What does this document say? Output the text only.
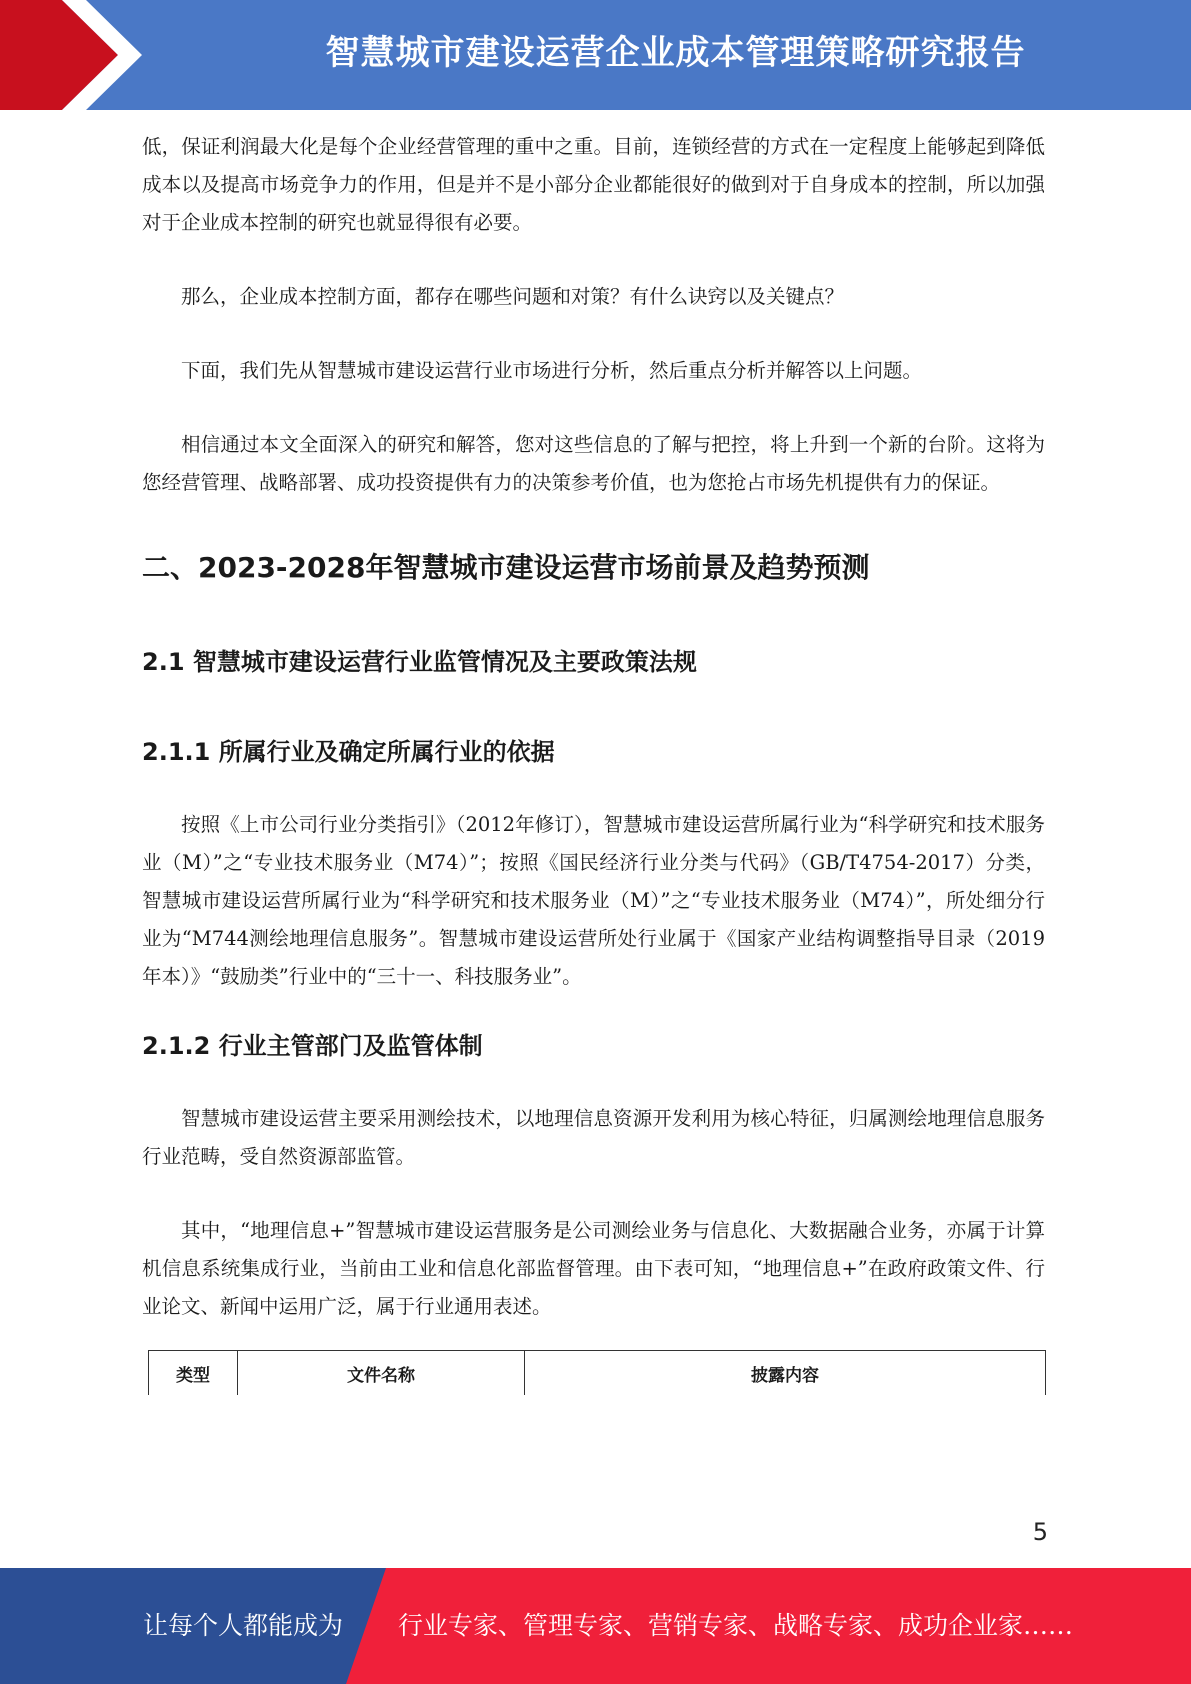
智慧城市建设运营企业成本管理策略研究报告

低，保证利润最大化是每个企业经营管理的重中之重。目前，连锁经营的方式在一定程度上能够起到降低成本以及提高市场竞争力的作用，但是并不是小部分企业都能很好的做到对于自身成本的控制，所以加强对于企业成本控制的研究也就显得很有必要。

那么，企业成本控制方面，都存在哪些问题和对策？有什么诀窍以及关键点？

下面，我们先从智慧城市建设运营行业市场进行分析，然后重点分析并解答以上问题。

相信通过本文全面深入的研究和解答，您对这些信息的了解与把控，将上升到一个新的台阶。这将为您经营管理、战略部署、成功投资提供有力的决策参考价值，也为您抢占市场先机提供有力的保证。

二、2023-2028年智慧城市建设运营市场前景及趋势预测
2.1 智慧城市建设运营行业监管情况及主要政策法规
2.1.1 所属行业及确定所属行业的依据

按照《上市公司行业分类指引》（2012年修订），智慧城市建设运营所属行业为“科学研究和技术服务业（M）”之“专业技术服务业（M74）”；按照《国民经济行业分类与代码》（GB/T4754-2017）分类，智慧城市建设运营所属行业为“科学研究和技术服务业（M）”之“专业技术服务业（M74）”，所处细分行业为“M744测绘地理信息服务”。智慧城市建设运营所处行业属于《国家产业结构调整指导目录（2019年本）》“鼓励类”行业中的“三十一、科技服务业”。

2.1.2 行业主管部门及监管体制

智慧城市建设运营主要采用测绘技术，以地理信息资源开发利用为核心特征，归属测绘地理信息服务行业范畴，受自然资源部监管。

其中，“地理信息+”智慧城市建设运营服务是公司测绘业务与信息化、大数据融合业务，亦属于计算机信息系统集成行业，当前由工业和信息化部监督管理。由下表可知，“地理信息+”在政府政策文件、行业论文、新闻中运用广泛，属于行业通用表述。

类型	文件名称	披露内容
5
让每个人都能成为 行业专家、管理专家、营销专家、战略专家、成功企业家……
